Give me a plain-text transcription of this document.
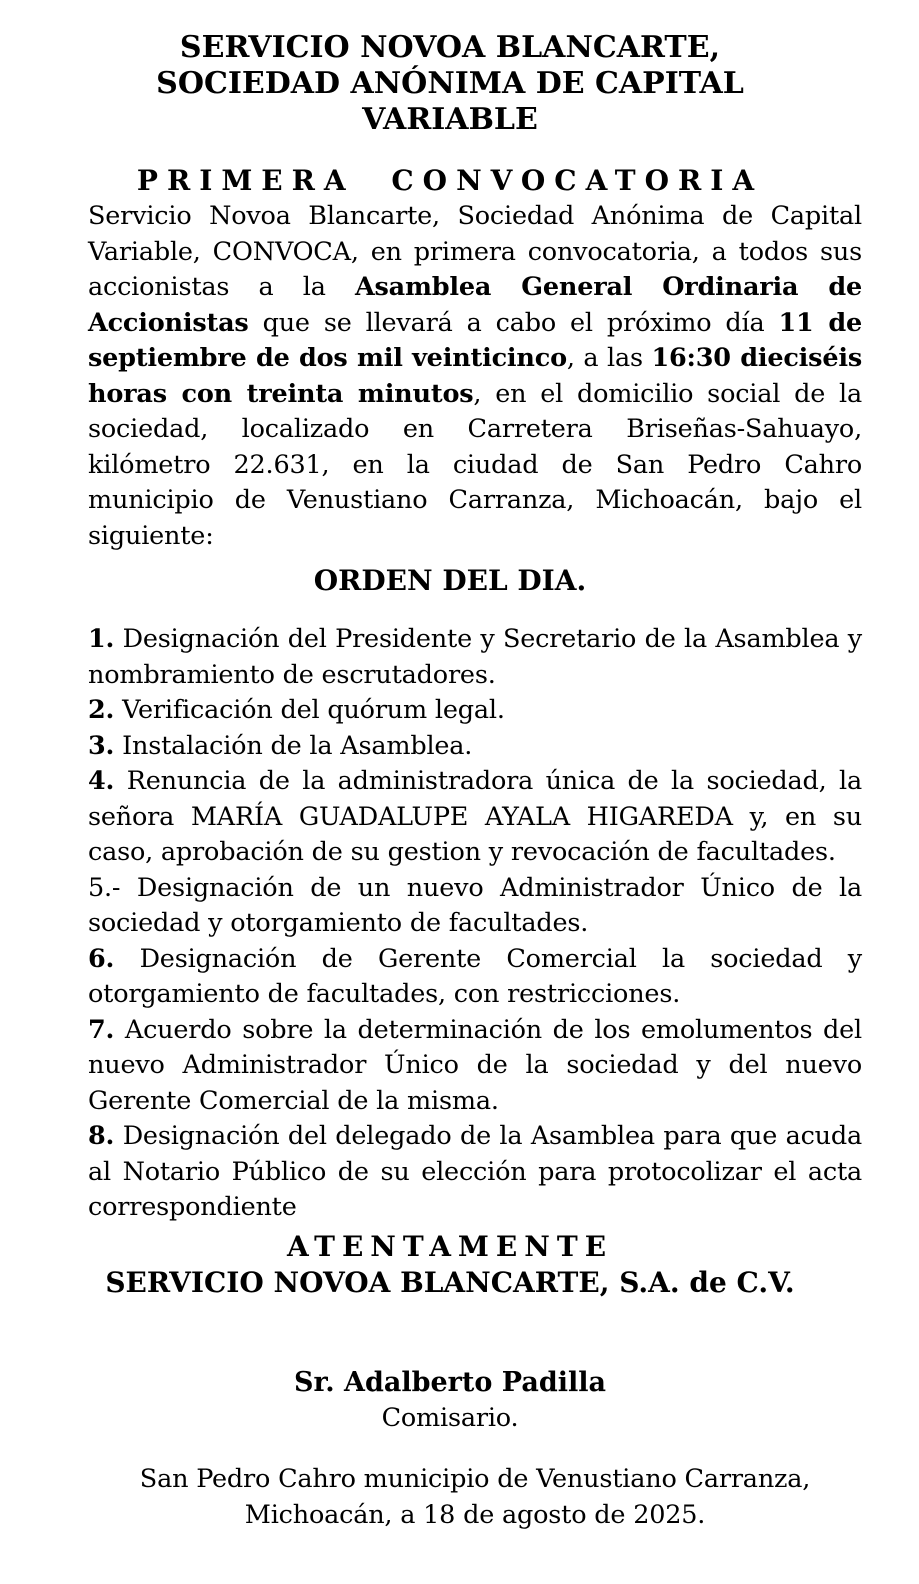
SERVICIO NOVOA BLANCARTE,
SOCIEDAD ANÓNIMA DE CAPITAL VARIABLE
PRIMERA CONVOCATORIA

Servicio Novoa Blancarte, Sociedad Anónima de Capital Variable, CONVOCA, en primera convocatoria, a todos sus accionistas a la Asamblea General Ordinaria de Accionistas que se llevará a cabo el próximo día 11 de septiembre de dos mil veinticinco, a las 16:30 dieciséis horas con treinta minutos, en el domicilio social de la sociedad, localizado en Carretera Briseñas-Sahuayo, kilómetro 22.631, en la ciudad de San Pedro Cahro municipio de Venustiano Carranza, Michoacán, bajo el siguiente:

ORDEN DEL DIA.

1. Designación del Presidente y Secretario de la Asamblea y nombramiento de escrutadores.

2. Verificación del quórum legal.

3. Instalación de la Asamblea.

4. Renuncia de la administradora única de la sociedad, la señora MARÍA GUADALUPE AYALA HIGAREDA y, en su caso, aprobación de su gestion y revocación de facultades.

5.- Designación de un nuevo Administrador Único de la sociedad y otorgamiento de facultades.

6. Designación de Gerente Comercial la sociedad y otorgamiento de facultades, con restricciones.

7. Acuerdo sobre la determinación de los emolumentos del nuevo Administrador Único de la sociedad y del nuevo Gerente Comercial de la misma.

8. Designación del delegado de la Asamblea para que acuda al Notario Público de su elección para protocolizar el acta correspondiente

ATENTAMENTE
SERVICIO NOVOA BLANCARTE, S.A. de C.V.
Sr. Adalberto Padilla
Comisario.
San Pedro Cahro municipio de Venustiano Carranza,
Michoacán, a 18 de agosto de 2025.
